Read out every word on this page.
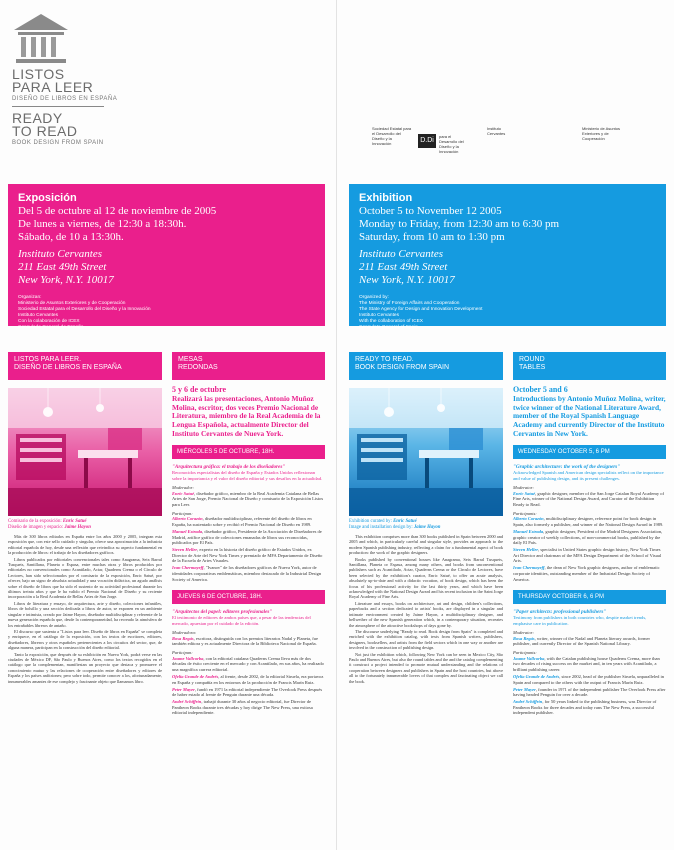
LISTOS
PARA LEER
DISEÑO DE LIBROS EN ESPAÑA
READY
TO READ
BOOK DESIGN FROM SPAIN
Sociedad Estatal para el Desarrollo del Diseño y la Innovación	D.Di
para el Desarrollo del Diseño y la Innovación
Instituto Cervantes
Ministerio de Asuntos Exteriores y de Cooperación
Exposición
Del 5 de octubre al 12 de noviembre de 2005
De lunes a viernes, de 12:30 a 18:30h.
Sábado, de 10 a 13:30h.
Instituto Cervantes
211 East 49th Street
New York, N.Y. 10017
Organizan:
Ministerio de Asuntos Exteriores y de Cooperación
Sociedad Estatal para el Desarrollo del Diseño y la Innovación
Instituto Cervantes
Con la colaboración de ICEX
Consulado General de España
Exhibition
October 5 to November 12 2005
Monday to Friday, from 12:30 am to 6:30 pm
Saturday, from 10 am to 1:30 pm
Instituto Cervantes
211 East 49th Street
New York, N.Y. 10017
Organized by:
The Ministry of Foreign Affairs and Cooperation
The State Agency for Design and Innovation Development
Instituto Cervantes
With the collaboration of ICEX
Consulate General of Spain
LISTOS PARA LEER.
DISEÑO DE LIBROS EN ESPAÑA
MESAS
REDONDAS
READY TO READ.
BOOK DESIGN FROM SPAIN
ROUND
TABLES
Comisario de la exposición: Enric Satué
Diseño de imagen y espacio: Jaime Hayon
Exhibition curated by: Enric Satué
Image and installation design by: Jaime Hayon

Más de 300 libros editados en España entre los años 2000 y 2005, integran esta exposición que, con este sello cuidado y singular, ofrece una aproximación a la industria editorial española de hoy, desde una reflexión que reivindica su aspecto fundamental en la producción de libros: el trabajo de los diseñadores gráficos.

Libros publicados por editoriales convencionales tales como Anagrama, Seix Barral Tusquets, Santillana, Planeta o Espasa, entre muchas otras y libros producidos por editoriales no convencionales como Acantilado, Actar, Quaderns Crema o el Círculo de Lectores, han sido seleccionados por el comisario de la exposición, Enric Satué, por ofrecer, bajo un signo de absoluta actualidad y una vocación didáctica, un agudo análisis sobre el diseño de libros que ha sido el sustento de su actividad profesional durante los últimos treinta años y que le ha valido el Premio Nacional de Diseño y su reciente incorporación a la Real Academia de Bellas Artes de San Jorge.

Libros de literatura y ensayo, de arquitectura, arte y diseño, colecciones infantiles, libros de bolsillo y una sección dedicada a libros de autor, se exponen en un ambiente singular e intimista, creado por Jaime Hayon, diseñador multidisciplinar y referente de la nueva generación española que, desde la contemporaneidad, ha recreado la atmósfera de los entrañables libreros de antaño.

El discurso que sustenta a "Listos para leer. Diseño de libros en España" se completa y enriquece, en el catálogo de la exposición, con los textos de escritores, editores, diseñadores, libreros y otros españoles pertenecientes a los circuitos del sector, que, de alguna manera, participan en la construcción del diseño editorial.

Tanto la exposición, que después de su exhibición en Nueva York, podrá verse en las ciudades de México DF, São Paulo y Buenos Aires, como los textos recogidos en el catálogo que la complementan, manifiestan un proyecto que destaca y promueve el conocimiento mutuo y las relaciones de cooperación entre diseñadores y editores de España y los países anfitriones; pero sobre todo, permite conocer a los, afortunadamente, innumerables amantes de ese complejo y fascinante objeto que llamamos libro.

This exhibition comprises more than 300 books published in Spain between 2000 and 2005 and which, in particularly careful and singular style, provides an approach to the modern Spanish publishing industry, reflecting a claim for a fundamental aspect of book production: the work of the graphic designers.

Books published by conventional houses like Anagrama, Seix Barral Tusquets, Santillana, Planeta or Espasa, among many others, and books from unconventional publishers such as Acantilado, Actar, Quaderns Crema or the Círculo de Lectores, have been selected by the exhibition's curator, Enric Satué, to offer an acute analysis, absolutely up-to-date and with a didactic vocation, of book design, which has been the focus of his professional activity for the last thirty years, and which have been acknowledged with the National Design Award and his recent inclusion in the Saint Jorge Royal Academy of Fine Arts.

Literature and essays, books on architecture, art and design, children's collections, paperbacks and a section dedicated to artists' books, are displayed in a singular and intimate environment created by Jaime Hayon, a multidisciplinary designer, and bellwether of the new Spanish generation which, in a contemporary situation, recreates the atmosphere of the attractive bookshops of days gone by.

The discourse underlying "Ready to read. Book design from Spain" is completed and enriched with the exhibition catalog, with texts from Spanish writers, publishers, designers, booksellers, and artists from the field sectors which in one way or another are involved in the construction of publishing design.

Not just the exhibition which, following New York can be seen in Mexico City, São Paulo and Buenos Aires, but also the round tables and the and the catalog complementing it construct a project intended to promote mutual understanding and the relations of cooperation between designers and publishers in Spain and the host countries, but above all to the fortunately innumerable lovers of that complex and fascinating object we call the book.

5 y 6 de octubre
Realizará las presentaciones, Antonio Muñoz Molina, escritor, dos veces Premio Nacional de Literatura, miembro de la Real Academia de la Lengua Española, actualmente Director del Instituto Cervantes de Nueva York.
MIÉRCOLES 5 DE OCTUBRE, 18H.
"Arquitectura gráfica: el trabajo de los diseñadores"
Reconocidos especialistas del diseño de España y Estados Unidos reflexionan sobre la importancia y el valor del diseño editorial y sus desafíos en la actualidad.
Moderador:
Enric Satué, diseñador gráfico, miembro de la Real Academia Catalana de Bellas Artes de San Jorge, Premio Nacional de Diseño y comisario de la Exposición Listos para Leer.
Participan:
Alberto Corazón, diseñador multidisciplinar, referente del diseño de libros en España, ha sustentado sobre y recibió el Premio Nacional de Diseño en 1989.
Manuel Estrada, diseñador gráfico, Presidente de la Asociación de Diseñadores de Madrid, artífice gráfico de colecciones emanadas de libros sus reconocidas, publicados por El País.
Steven Heller, experto en la historia del diseño gráfico de Estados Unidos, ex Director de Arte del New York Times y premiado de MFA Departamento de Diseño de la Escuela de Artes Visuales.
Ivan Chermayeff, "Ivanov" de los diseñadores gráficos de Nueva York, autor de identidades corporativas emblemáticas, miembro destacado de la Industrial Design Society of America.
JUEVES 6 DE OCTUBRE, 18H.
"Arquitectos del papel: editores profesionales"
El testimonio de editores de ambos países que, a pesar de las tendencias del mercado, apuestan por el cuidado de la edición.
Moderadora:
Rosa Regás, escritora, distinguida con los premios literarios Nadal y Planeta, fue también editora y es actualmente Directora de la Biblioteca Nacional de España.
Participan:
Jaume Vallcorba, con la editorial catalana Quaderns Crema lleva más de dos décadas de éxito creciente en el mercado y con Acantilado, en sus años, ha realizado una magnífica carrera editorial.
Ofelia Grande de Andrés, al frente, desde 2002, de la editorial Siruela, era portavoz en España y compañía en los entornos de la producción de Francis Marín Ruiz.
Peter Mayer, fundó en 1971 la editorial independiente The Overlook Press después de haber estado al frente de Penguin durante una década.
André Schiffrin, trabajó durante 30 años al negocio editorial, fue Director de Pantheon Books durante tres décadas y hoy dirige The New Press, una exitosa editorial independiente.
October 5 and 6
Introductions by Antonio Muñoz Molina, writer, twice winner of the National Literature Award, member of the Royal Spanish Language Academy and currently Director of the Instituto Cervantes in New York.
WEDNESDAY OCTOBER 5, 6 PM
"Graphic architecture: the work of the designers"
Acknowledged Spanish and American design specialists reflect on the importance and value of publishing design, and its present challenges.
Moderator:
Enric Satué, graphic designer, member of the San Jorge Catalan Royal Academy of Fine Arts, winner of the National Design Award, and Curator of the Exhibition Ready to Read.
Participants:
Alberto Corazón, multidisciplinary designer, reference point for book design in Spain, also formerly a publisher, and winner of the National Design Award in 1989.
Manuel Estrada, graphic designer, President of the Madrid Designers Association, graphic creator of weekly collections, of non-commercial books, published by the daily El País.
Steven Heller, specialist in United States graphic design history, New York Times Art Director and chairman of the MFA Design Department of the School of Visual Arts.
Ivan Chermayeff, the dean of New York graphic designers, author of emblematic corporate identities, outstanding member of the Industrial Design Society of America.
THURSDAY OCTOBER 6, 6 PM
"Paper architects: professional publishers"
Testimony from publishers in both countries who, despite market trends, emphasise care in publication.
Moderator:
Rosa Regás, writer, winner of the Nadal and Planeta literary awards, former publisher, and currently Director of the Spanish National Library.
Participants:
Jaume Vallcorba, with the Catalan publishing house Quaderns Crema, more than two decades of rising success on the market and, in ten years with Acantilado, a brilliant publishing career.
Ofelia Grande de Andrés, since 2002, head of the publisher Siruela, unparalleled in Spain and compared to the others with the output of Francis Marín Ruiz.
Peter Mayer, founder in 1971 of the independent publisher The Overlook Press after having headed Penguin for over a decade.
André Schiffrin, for 50 years linked to the publishing business, was Director of Pantheon Books for three decades and today runs The New Press, a successful independent publisher.
